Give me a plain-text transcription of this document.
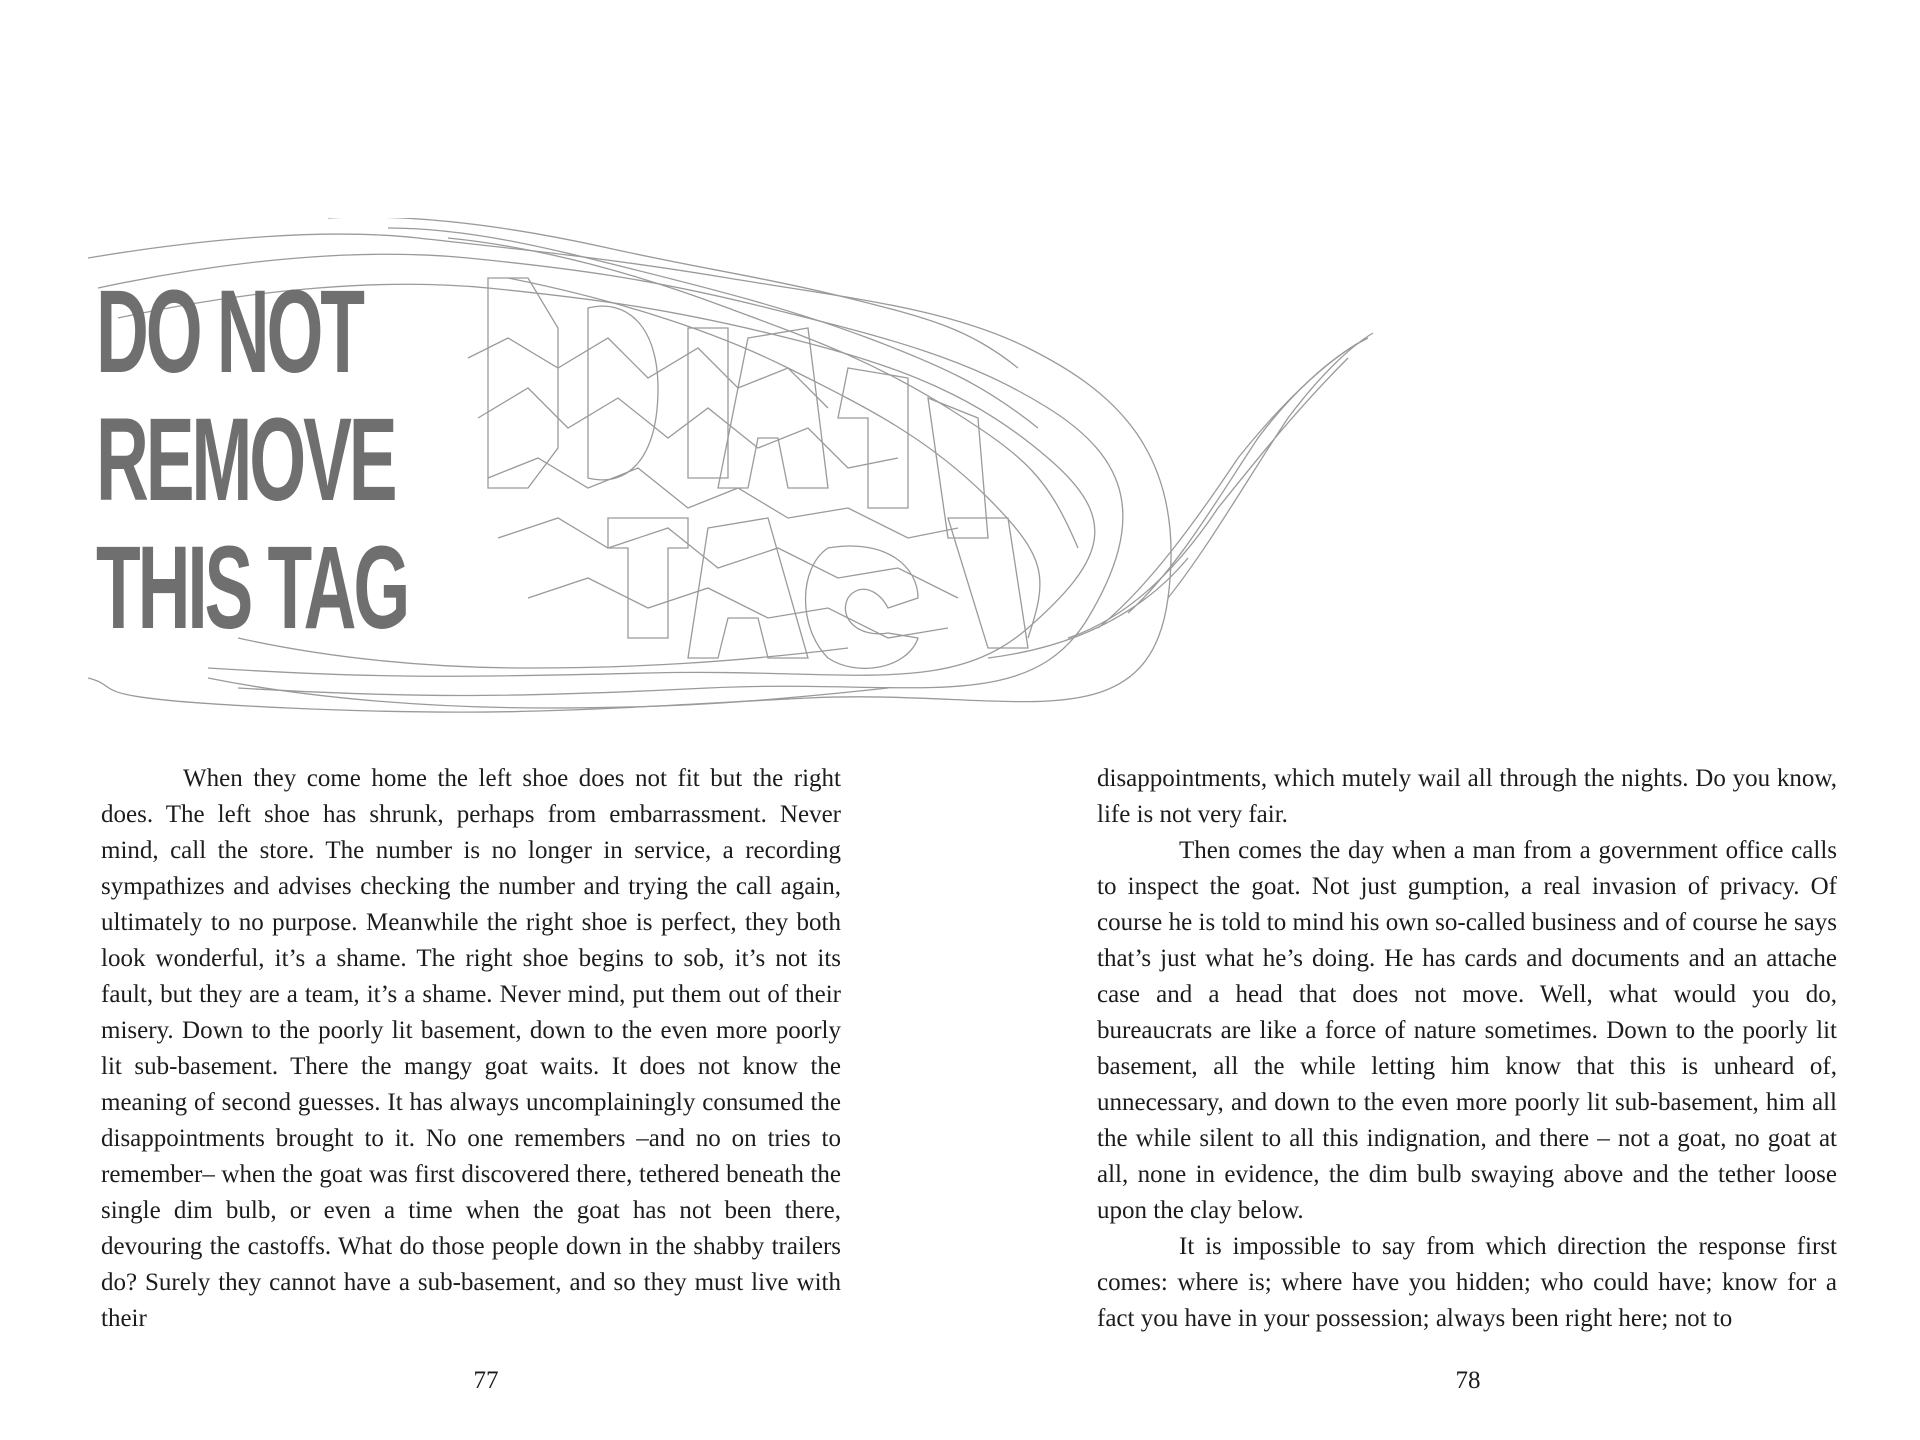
DO NOT
REMOVE
THIS TAG

When they come home the left shoe does not fit but the right does. The left shoe has shrunk, perhaps from embarrassment. Never mind, call the store. The number is no longer in service, a recording sympathizes and advises checking the number and trying the call again, ultimately to no purpose. Meanwhile the right shoe is perfect, they both look wonderful, it’s a shame. The right shoe begins to sob, it’s not its fault, but they are a team, it’s a shame. Never mind, put them out of their misery. Down to the poorly lit basement, down to the even more poorly lit sub-basement. There the mangy goat waits. It does not know the meaning of second guesses. It has always uncomplainingly consumed the disappointments brought to it. No one remembers –and no on tries to remember– when the goat was first discovered there, tethered beneath the single dim bulb, or even a time when the goat has not been there, devouring the castoffs. What do those people down in the shabby trailers do? Surely they cannot have a sub-basement, and so they must live with their

disappointments, which mutely wail all through the nights. Do you know, life is not very fair.

Then comes the day when a man from a government office calls to inspect the goat. Not just gumption, a real invasion of privacy. Of course he is told to mind his own so-called business and of course he says that’s just what he’s doing. He has cards and documents and an attache case and a head that does not move. Well, what would you do, bureaucrats are like a force of nature sometimes. Down to the poorly lit basement, all the while letting him know that this is unheard of, unnecessary, and down to the even more poorly lit sub-basement, him all the while silent to all this indignation, and there – not a goat, no goat at all, none in evidence, the dim bulb swaying above and the tether loose upon the clay below.

It is impossible to say from which direction the response first comes: where is; where have you hidden; who could have; know for a fact you have in your possession; always been right here; not to

77	78
